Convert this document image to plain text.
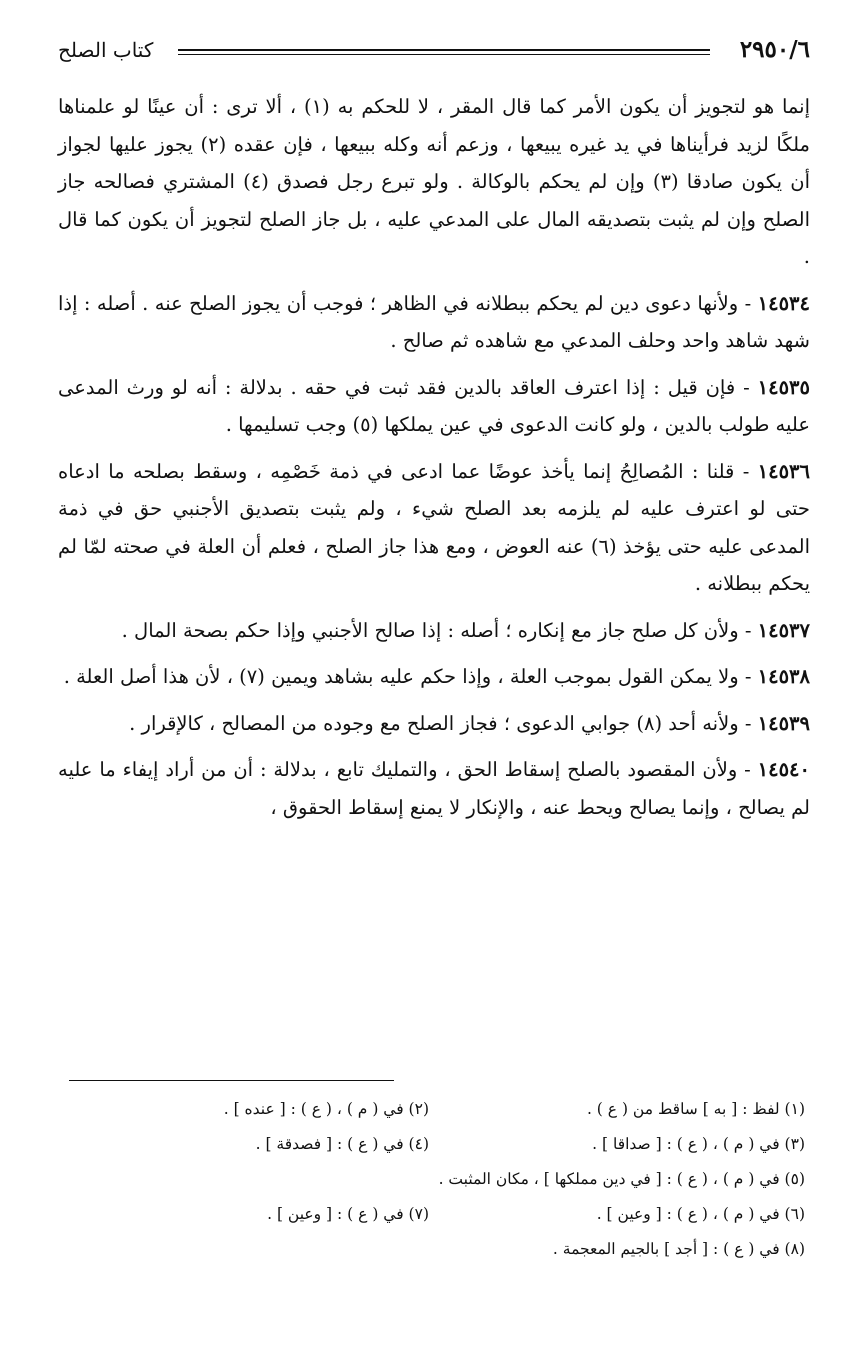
٢٩٥٠/٦
كتاب الصلح

إنما هو لتجويز أن يكون الأمر كما قال المقر ، لا للحكم به (١) ، ألا ترى : أن عينًا لو علمناها ملكًا لزيد فرأيناها في يد غيره يبيعها ، وزعم أنه وكله ببيعها ، فإن عقده (٢) يجوز عليها لجواز أن يكون صادقا (٣) وإن لم يحكم بالوكالة . ولو تبرع رجل فصدق (٤) المشتري فصالحه جاز الصلح وإن لم يثبت بتصديقه المال على المدعي عليه ، بل جاز الصلح لتجويز أن يكون كما قال .

١٤٥٣٤ - ولأنها دعوى دين لم يحكم ببطلانه في الظاهر ؛ فوجب أن يجوز الصلح عنه . أصله : إذا شهد شاهد واحد وحلف المدعي مع شاهده ثم صالح .

١٤٥٣٥ - فإن قيل : إذا اعترف العاقد بالدين فقد ثبت في حقه . بدلالة : أنه لو ورث المدعى عليه طولب بالدين ، ولو كانت الدعوى في عين يملكها (٥) وجب تسليمها .

١٤٥٣٦ - قلنا : المُصالِحُ إنما يأخذ عوضًا عما ادعى في ذمة خَصْمِه ، وسقط بصلحه ما ادعاه حتى لو اعترف عليه لم يلزمه بعد الصلح شيء ، ولم يثبت بتصديق الأجنبي حق في ذمة المدعى عليه حتى يؤخذ (٦) عنه العوض ، ومع هذا جاز الصلح ، فعلم أن العلة في صحته لمّا لم يحكم ببطلانه .

١٤٥٣٧ - ولأن كل صلح جاز مع إنكاره ؛ أصله : إذا صالح الأجنبي وإذا حكم بصحة المال .

١٤٥٣٨ - ولا يمكن القول بموجب العلة ، وإذا حكم عليه بشاهد ويمين (٧) ، لأن هذا أصل العلة .

١٤٥٣٩ - ولأنه أحد (٨) جوابي الدعوى ؛ فجاز الصلح مع وجوده من المصالح ، كالإقرار .

١٤٥٤٠ - ولأن المقصود بالصلح إسقاط الحق ، والتمليك تابع ، بدلالة : أن من أراد إيفاء ما عليه لم يصالح ، وإنما يصالح ويحط عنه ، والإنكار لا يمنع إسقاط الحقوق ،

(١) لفظ : [ به ] ساقط من ( ع ) .
(٢) في ( م ) ، ( ع ) : [ عنده ] .
(٣) في ( م ) ، ( ع ) : [ صداقا ] .
(٤) في ( ع ) : [ فصدقة ] .
(٥) في ( م ) ، ( ع ) : [ في دين مملكها ] ، مكان المثبت .
(٦) في ( م ) ، ( ع ) : [ وعين ] .
(٧) في ( ع ) : [ وعين ] .
(٨) في ( ع ) : [ أجد ] بالجيم المعجمة .
